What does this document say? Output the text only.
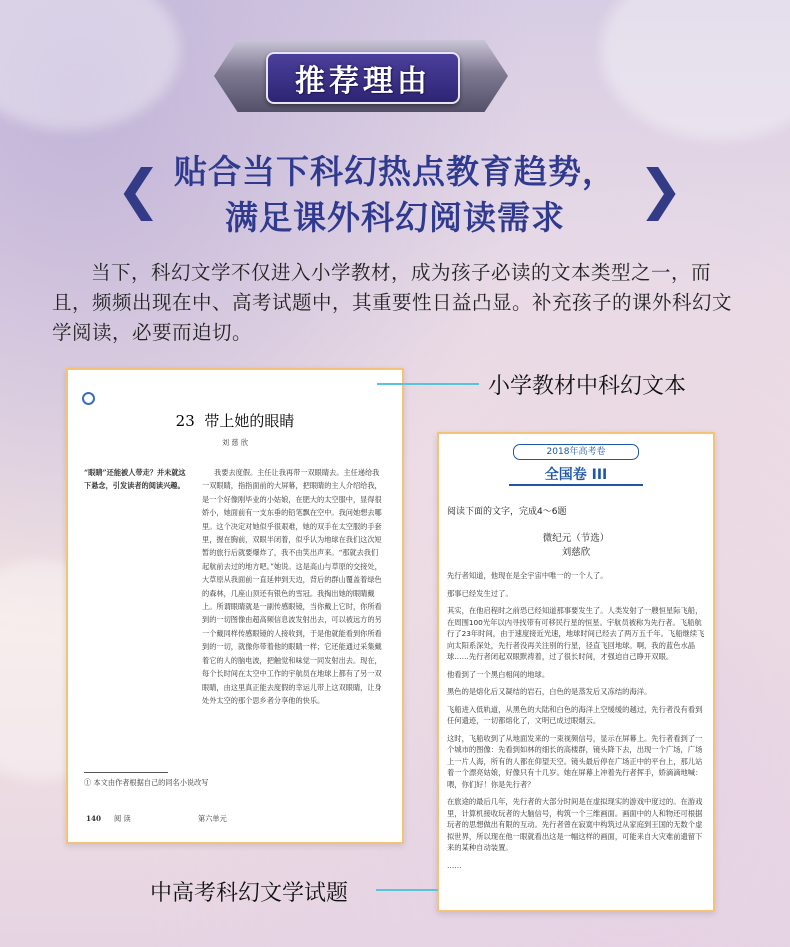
推荐理由
❮	❯
贴合当下科幻热点教育趋势，
满足课外科幻阅读需求
当下，科幻文学不仅进入小学教材，成为孩子必读的文本类型之一，而且，频频出现在中、高考试题中，其重要性日益凸显。补充孩子的课外科幻文学阅读，必要而迫切。
23 带上她的眼睛
刘 慈 欣
“眼睛”还能被人带走？并未就这下悬念，引发读者的阅读兴趣。
我要去度假。主任让我再带一双眼睛去。主任递给我一双眼睛，指指面前的大屏幕，把眼睛的主人介绍给我，是一个好像刚毕业的小姑娘，在肥大的太空服中，显得很娇小，她面前有一支东垂的铅笔飘在空中。我问她想去哪里。这个决定对她似乎很艰难，她的双手在太空服的手套里，握在胸前，双眼半闭着，似乎认为地球在我们这次短暂的旅行后就要爆炸了，我不由笑出声来。“那就去我们起航前去过的地方吧。”她说。这是高山与草原的交接处，大草原从我面前一直延伸到天边，背后的群山覆盖着绿色的森林，几座山顶还有银色的雪冠。我掏出她的眼睛戴上。所谓眼睛就是一副传感眼镜，当你戴上它时，你所看到的一切图像由超高频信息波发射出去，可以被远方的另一个戴同样传感眼镜的人接收到，于是他就能看到你所看到的一切，就像你带着他的眼睛一样；它还能通过采集戴着它的人的脑电波，把触觉和味觉一同发射出去。现在，每个长时间在太空中工作的宇航员在地球上都有了另一双眼睛，由这里真正能去度假的幸运儿带上这双眼睛，让身处外太空的那个思乡者分享他的快乐。
① 本文由作者根据自己的同名小说改写
140 阅 读	第六单元
小学教材中科幻文本
2018年高考卷
全国卷 III
阅读下面的文字，完成4～6题
微纪元（节选）
刘慈欣

先行者知道，他现在是全宇宙中唯一的一个人了。

那事已经发生过了。

其实，在他启程时之前恐已经知道那事要发生了。人类发射了一艘恒星际飞船，在周围100光年以内寻找带有可移民行星的恒星。宇航员被称为先行者。飞船航行了23年时间，由于速度接近光速，地球时间已经去了两万五千年。飞船继续飞向太阳系深处，先行者没再关注别的行星，径直飞回地球。啊，我的蓝色水晶球……先行者闭起双眼默祷着，过了很长时间，才强迫自己睁开双眼。

他看到了一个黑白相间的地球。

黑色的是熔化后又凝结的岩石，白色的是蒸发后又冻结的海洋。

飞船进入低轨道，从黑色的大陆和白色的海洋上空缓缓的越过，先行者没有看到任何遗迹，一切都熔化了，文明已成过眼烟云。

这时，飞船收到了从地面发来的一束视频信号，显示在屏幕上。先行者看到了一个城市的图像：先看到如林的细长的高楼群，镜头降下去，出现一个广场，广场上一片人海，所有的人都在仰望天空。镜头最后停在广场正中的平台上，那儿站着一个漂亮姑娘，好像只有十几岁。她在屏幕上冲着先行者挥手，娇滴滴地喊：喂，你们好！你是先行者？

在旅途的最后几年，先行者的大部分时间是在虚拟现实的游戏中度过的。在游戏里，计算机接收玩者的大脑信号，构筑一个三维画面。画面中的人和物还可根据玩者的思想做出有限的互动。先行者曾在寂寞中构筑过从家庭到王国的无数个虚拟世界，所以现在他一眼就看出这是一幅这样的画面，可能来自大灾难前遗留下来的某种自动装置。

……

中高考科幻文学试题
